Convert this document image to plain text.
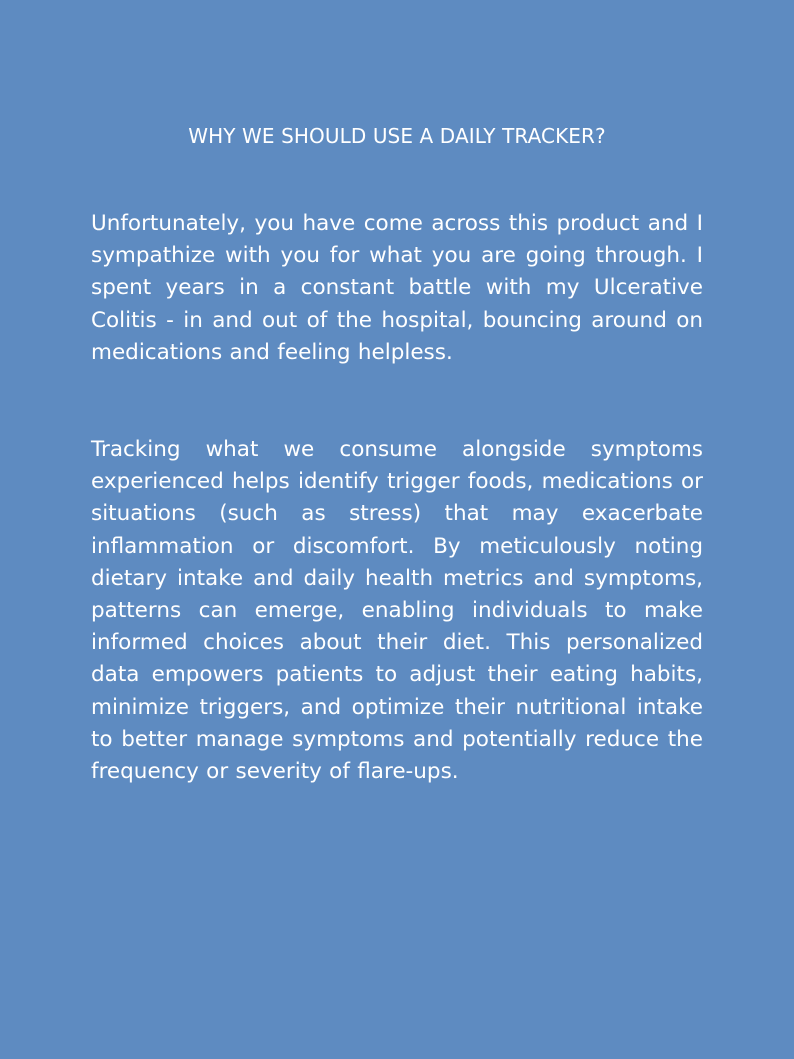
WHY WE SHOULD USE A DAILY TRACKER?

Unfortunately, you have come across this product and I sympathize with you for what you are going through. I spent years in a constant battle with my Ulcerative Colitis - in and out of the hospital, bouncing around on medications and feeling helpless.

Tracking what we consume alongside symptoms experienced helps identify trigger foods, medications or situations (such as stress) that may exacerbate inflammation or discomfort. By meticulously noting dietary intake and daily health metrics and symptoms, patterns can emerge, enabling individuals to make informed choices about their diet. This personalized data empowers patients to adjust their eating habits, minimize triggers, and optimize their nutritional intake to better manage symptoms and potentially reduce the frequency or severity of flare-ups.
